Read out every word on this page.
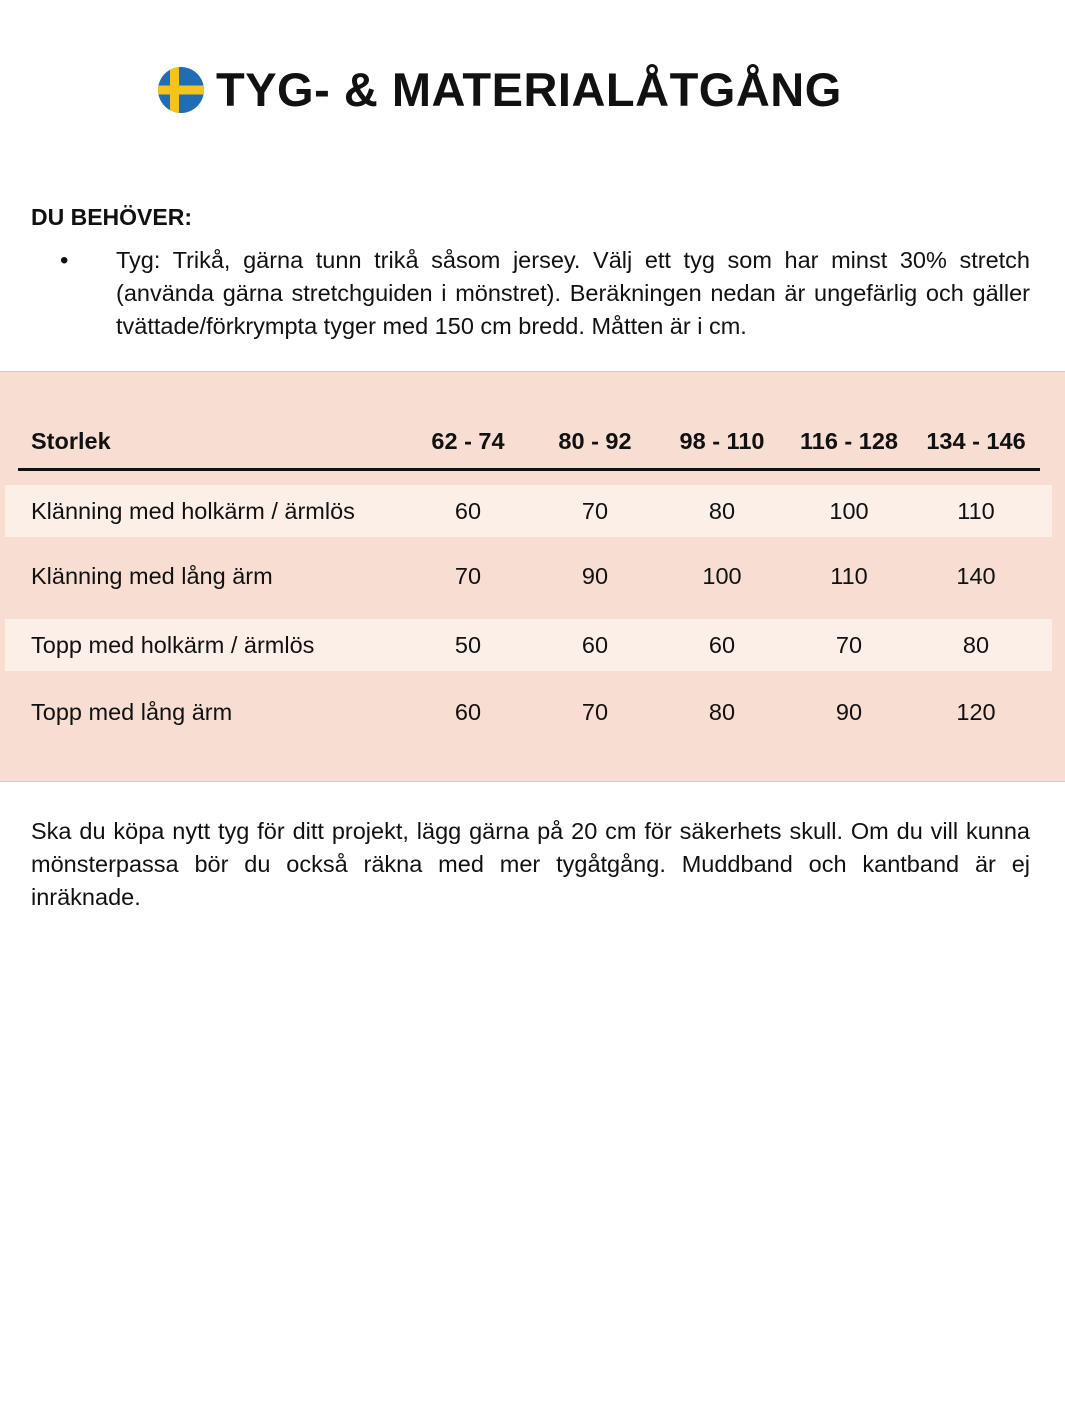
TYG- & MATERIALÅTGÅNG
DU BEHÖVER:
• Tyg: Trikå, gärna tunn trikå såsom jersey. Välj ett tyg som har minst 30% stretch (använda gärna stretchguiden i mönstret). Beräkningen nedan är ungefärlig och gäller tvättade/förkrympta tyger med 150 cm bredd. Måtten är i cm.
Storlek	62 - 74	80 - 92	98 - 110	116 - 128	134 - 146
Klänning med holkärm / ärmlös	60	70	80	100	110
Klänning med lång ärm	70	90	100	110	140
Topp med holkärm / ärmlös	50	60	60	70	80
Topp med lång ärm	60	70	80	90	120
Ska du köpa nytt tyg för ditt projekt, lägg gärna på 20 cm för säkerhets skull. Om du vill kunna mönsterpassa bör du också räkna med mer tygåtgång. Muddband och kantband är ej inräknade.
